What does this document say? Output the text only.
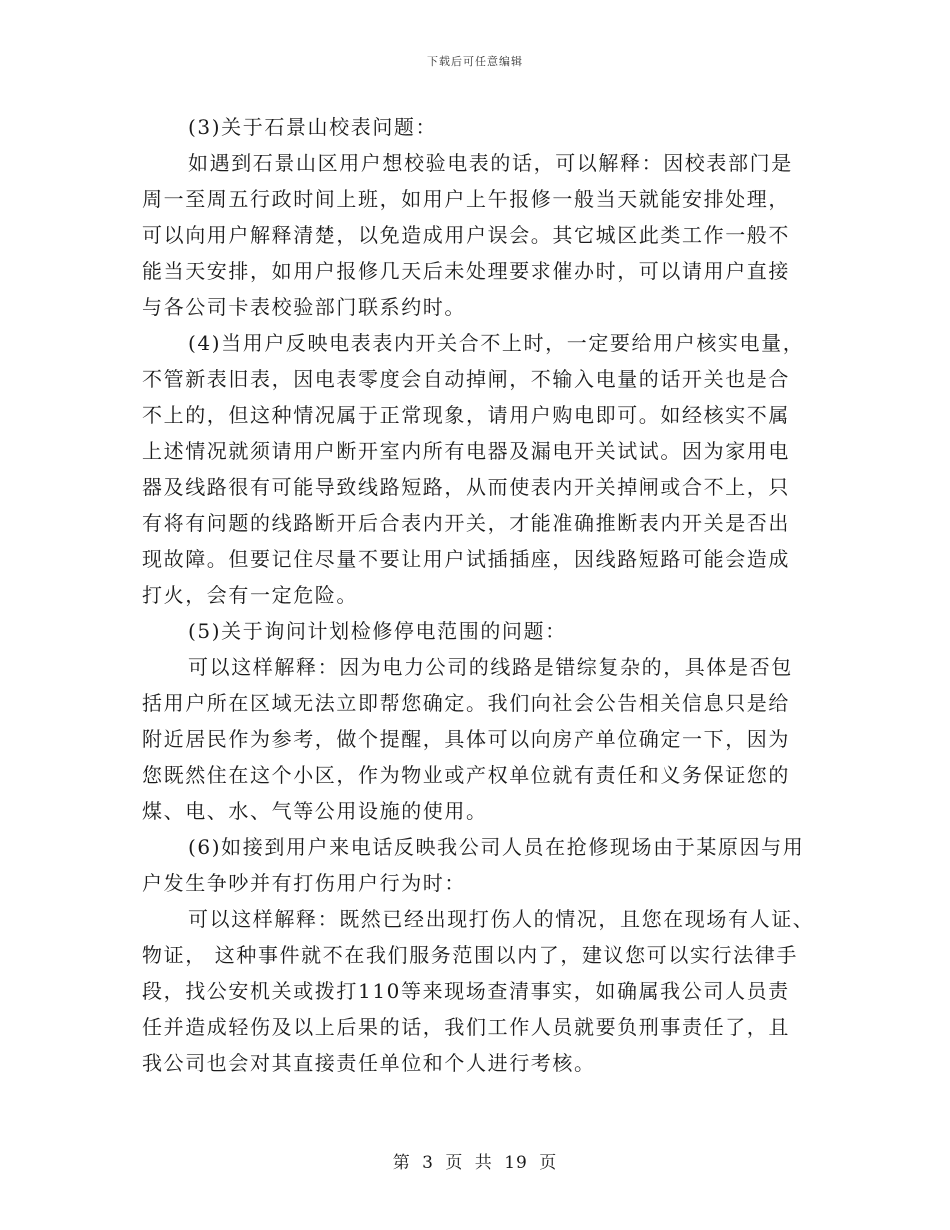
下载后可任意编辑
(3)关于石景山校表问题：
如遇到石景山区用户想校验电表的话，可以解释：因校表部门是
周一至周五行政时间上班，如用户上午报修一般当天就能安排处理，
可以向用户解释清楚，以免造成用户误会。其它城区此类工作一般不
能当天安排，如用户报修几天后未处理要求催办时，可以请用户直接
与各公司卡表校验部门联系约时。
(4)当用户反映电表表内开关合不上时，一定要给用户核实电量，
不管新表旧表，因电表零度会自动掉闸，不输入电量的话开关也是合
不上的，但这种情况属于正常现象，请用户购电即可。如经核实不属
上述情况就须请用户断开室内所有电器及漏电开关试试。因为家用电
器及线路很有可能导致线路短路，从而使表内开关掉闸或合不上，只
有将有问题的线路断开后合表内开关，才能准确推断表内开关是否出
现故障。但要记住尽量不要让用户试插插座，因线路短路可能会造成
打火，会有一定危险。
(5)关于询问计划检修停电范围的问题：
可以这样解释：因为电力公司的线路是错综复杂的，具体是否包
括用户所在区域无法立即帮您确定。我们向社会公告相关信息只是给
附近居民作为参考，做个提醒，具体可以向房产单位确定一下，因为
您既然住在这个小区，作为物业或产权单位就有责任和义务保证您的
煤、电、水、气等公用设施的使用。
(6)如接到用户来电话反映我公司人员在抢修现场由于某原因与用
户发生争吵并有打伤用户行为时：
可以这样解释：既然已经出现打伤人的情况，且您在现场有人证、
物证， 这种事件就不在我们服务范围以内了，建议您可以实行法律手
段，找公安机关或拨打110等来现场查清事实，如确属我公司人员责
任并造成轻伤及以上后果的话，我们工作人员就要负刑事责任了，且
我公司也会对其直接责任单位和个人进行考核。
第 3 页 共 19 页
